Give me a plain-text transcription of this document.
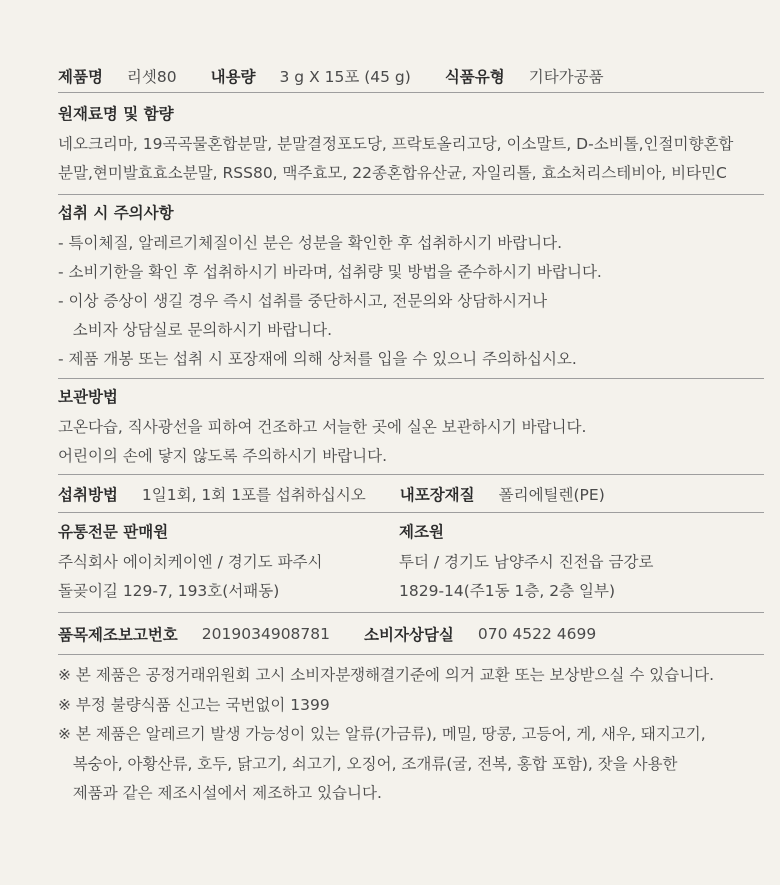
제품명 리셋80 내용량 3 g X 15포 (45 g) 식품유형 기타가공품
원재료명 및 함량
네오크리마, 19곡곡물혼합분말, 분말결정포도당, 프락토올리고당, 이소말트, D-소비톨,인절미향혼합
분말,현미발효효소분말, RSS80, 맥주효모, 22종혼합유산균, 자일리톨, 효소처리스테비아, 비타민C
섭취 시 주의사항
- 특이체질, 알레르기체질이신 분은 성분을 확인한 후 섭취하시기 바랍니다.
- 소비기한을 확인 후 섭취하시기 바라며, 섭취량 및 방법을 준수하시기 바랍니다.
- 이상 증상이 생길 경우 즉시 섭취를 중단하시고, 전문의와 상담하시거나
소비자 상담실로 문의하시기 바랍니다.
- 제품 개봉 또는 섭취 시 포장재에 의해 상처를 입을 수 있으니 주의하십시오.
보관방법
고온다습, 직사광선을 피하여 건조하고 서늘한 곳에 실온 보관하시기 바랍니다.
어린이의 손에 닿지 않도록 주의하시기 바랍니다.
섭취방법 1일1회, 1회 1포를 섭취하십시오 내포장재질 폴리에틸렌(PE)
유통전문 판매원
주식회사 에이치케이엔 / 경기도 파주시
돌곶이길 129-7, 193호(서패동)
제조원
투더 / 경기도 남양주시 진전읍 금강로
1829-14(주1동 1층, 2층 일부)
품목제조보고번호 2019034908781 소비자상담실 070 4522 4699
※ 본 제품은 공정거래위원회 고시 소비자분쟁해결기준에 의거 교환 또는 보상받으실 수 있습니다.
※ 부정 불량식품 신고는 국번없이 1399
※ 본 제품은 알레르기 발생 가능성이 있는 알류(가금류), 메밀, 땅콩, 고등어, 게, 새우, 돼지고기,
복숭아, 아황산류, 호두, 닭고기, 쇠고기, 오징어, 조개류(굴, 전복, 홍합 포함), 잣을 사용한
제품과 같은 제조시설에서 제조하고 있습니다.
